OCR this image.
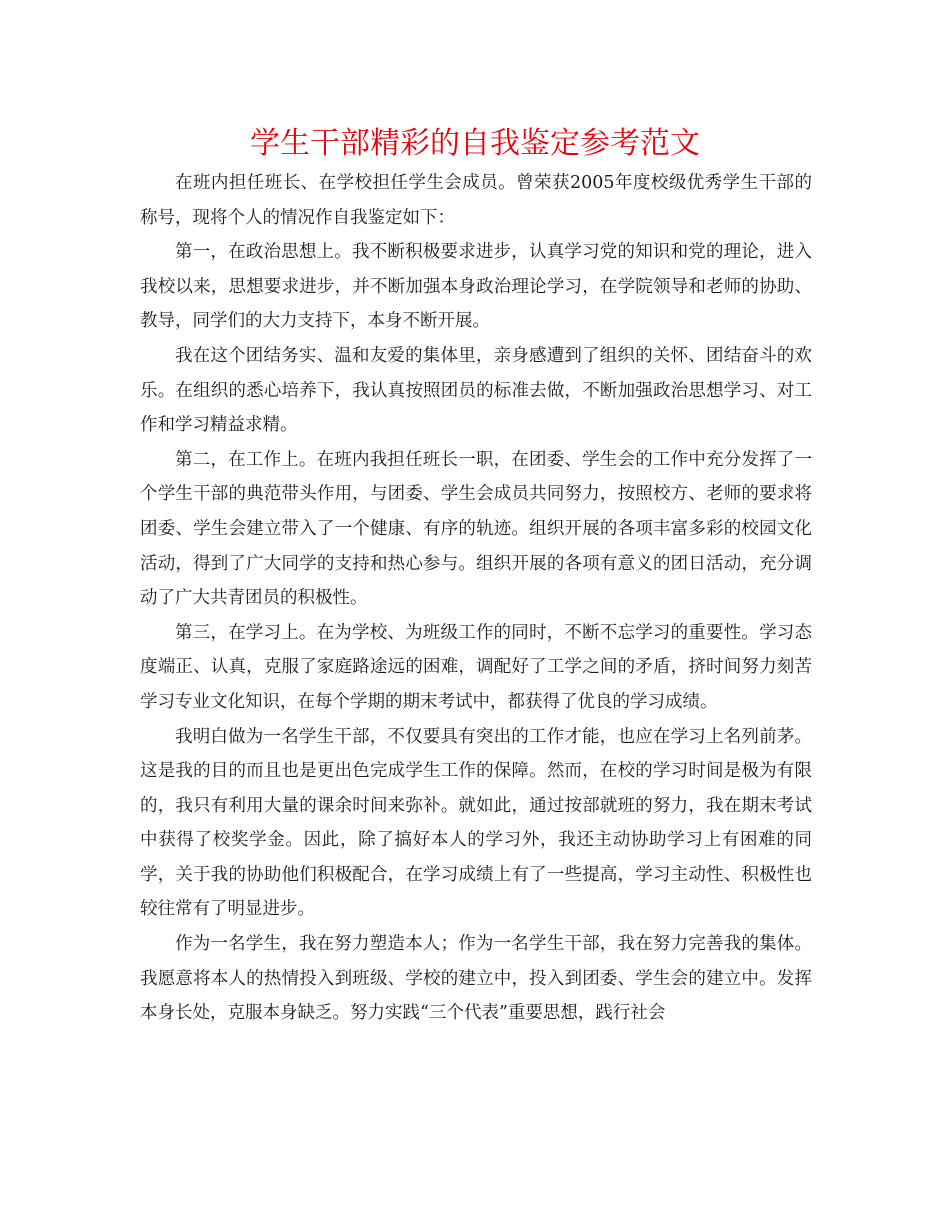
学生干部精彩的自我鉴定参考范文

在班内担任班长、在学校担任学生会成员。曾荣获2005年度校级优秀学生干部的称号，现将个人的情况作自我鉴定如下：

第一，在政治思想上。我不断积极要求进步，认真学习党的知识和党的理论，进入我校以来，思想要求进步，并不断加强本身政治理论学习，在学院领导和老师的协助、教导，同学们的大力支持下，本身不断开展。

我在这个团结务实、温和友爱的集体里，亲身感遭到了组织的关怀、团结奋斗的欢乐。在组织的悉心培养下，我认真按照团员的标准去做，不断加强政治思想学习、对工作和学习精益求精。

第二，在工作上。在班内我担任班长一职，在团委、学生会的工作中充分发挥了一个学生干部的典范带头作用，与团委、学生会成员共同努力，按照校方、老师的要求将团委、学生会建立带入了一个健康、有序的轨迹。组织开展的各项丰富多彩的校园文化活动，得到了广大同学的支持和热心参与。组织开展的各项有意义的团日活动，充分调动了广大共青团员的积极性。

第三，在学习上。在为学校、为班级工作的同时，不断不忘学习的重要性。学习态度端正、认真，克服了家庭路途远的困难，调配好了工学之间的矛盾，挤时间努力刻苦学习专业文化知识，在每个学期的期末考试中，都获得了优良的学习成绩。

我明白做为一名学生干部，不仅要具有突出的工作才能，也应在学习上名列前茅。这是我的目的而且也是更出色完成学生工作的保障。然而，在校的学习时间是极为有限的，我只有利用大量的课余时间来弥补。就如此，通过按部就班的努力，我在期末考试中获得了校奖学金。因此，除了搞好本人的学习外，我还主动协助学习上有困难的同学，关于我的协助他们积极配合，在学习成绩上有了一些提高，学习主动性、积极性也较往常有了明显进步。

作为一名学生，我在努力塑造本人；作为一名学生干部，我在努力完善我的集体。我愿意将本人的热情投入到班级、学校的建立中，投入到团委、学生会的建立中。发挥本身长处，克服本身缺乏。努力实践“三个代表”重要思想，践行社会
